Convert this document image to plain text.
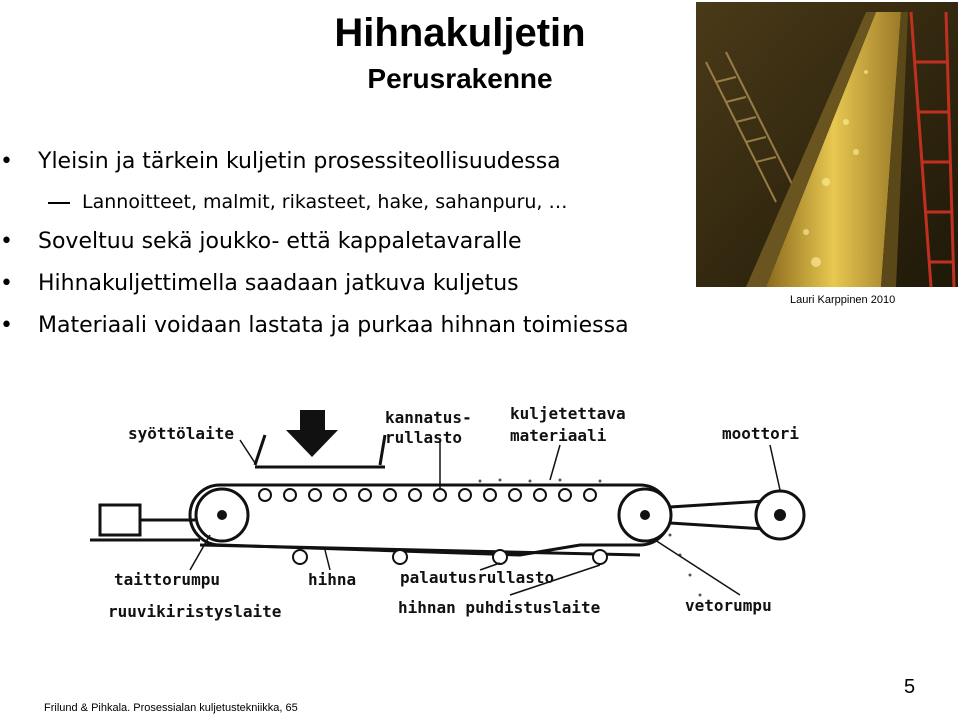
Hihnakuljetin
Perusrakenne
• Yleisin ja tärkein kuljetin prosessiteollisuudessa
Lannoitteet, malmit, rikasteet, hake, sahanpuru, …
• Soveltuu sekä joukko- että kappaletavaralle
• Hihnakuljettimella saadaan jatkuva kuljetus
• Materiaali voidaan lastata ja purkaa hihnan toimiessa
Lauri Karppinen 2010
syöttölaite
kannatus-
rullasto
kuljetettava
materiaali	moottori
taittorumpu	hihna	palautusrullasto
ruuvikiristyslaite	hihnan puhdistuslaite	vetorumpu
Frilund & Pihkala. Prosessialan kuljetustekniikka, 65
5
